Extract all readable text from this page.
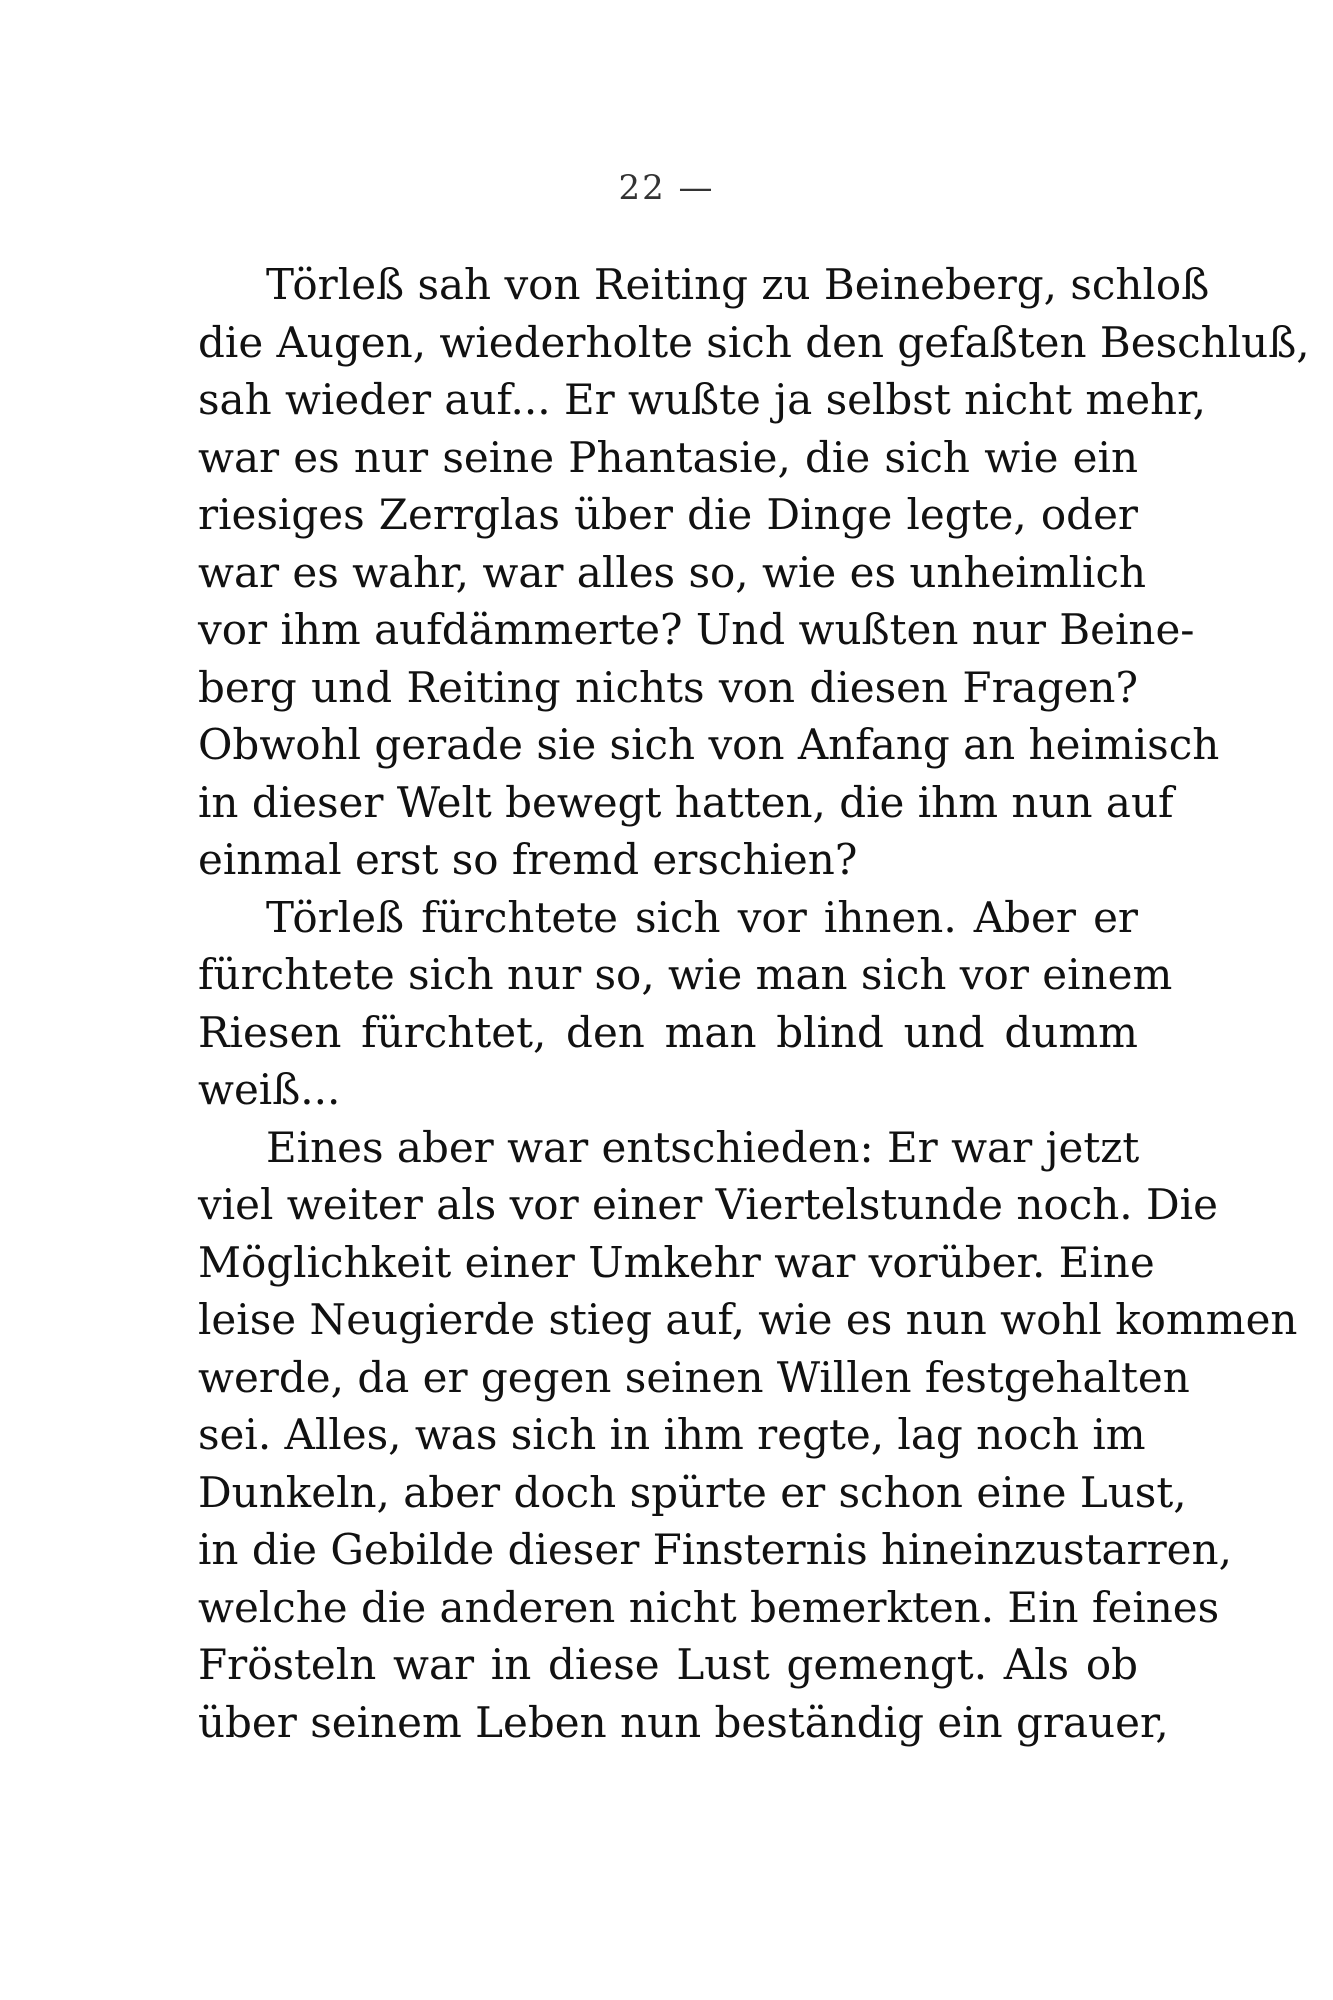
22 —
Törleß sah von Reiting zu Beineberg, schloß
die Augen, wiederholte sich den gefaßten Beschluß,
sah wieder auf... Er wußte ja selbst nicht mehr,
war es nur seine Phantasie, die sich wie ein
riesiges Zerrglas über die Dinge legte, oder
war es wahr, war alles so, wie es unheimlich
vor ihm aufdämmerte? Und wußten nur Beine-
berg und Reiting nichts von diesen Fragen?
Obwohl gerade sie sich von Anfang an heimisch
in dieser Welt bewegt hatten, die ihm nun auf
einmal erst so fremd erschien?
Törleß fürchtete sich vor ihnen. Aber er
fürchtete sich nur so, wie man sich vor einem
Riesen fürchtet, den man blind und dumm
weiß...
Eines aber war entschieden: Er war jetzt
viel weiter als vor einer Viertelstunde noch. Die
Möglichkeit einer Umkehr war vorüber. Eine
leise Neugierde stieg auf, wie es nun wohl kommen
werde, da er gegen seinen Willen festgehalten
sei. Alles, was sich in ihm regte, lag noch im
Dunkeln, aber doch spürte er schon eine Lust,
in die Gebilde dieser Finsternis hineinzustarren,
welche die anderen nicht bemerkten. Ein feines
Frösteln war in diese Lust gemengt. Als ob
über seinem Leben nun beständig ein grauer,
